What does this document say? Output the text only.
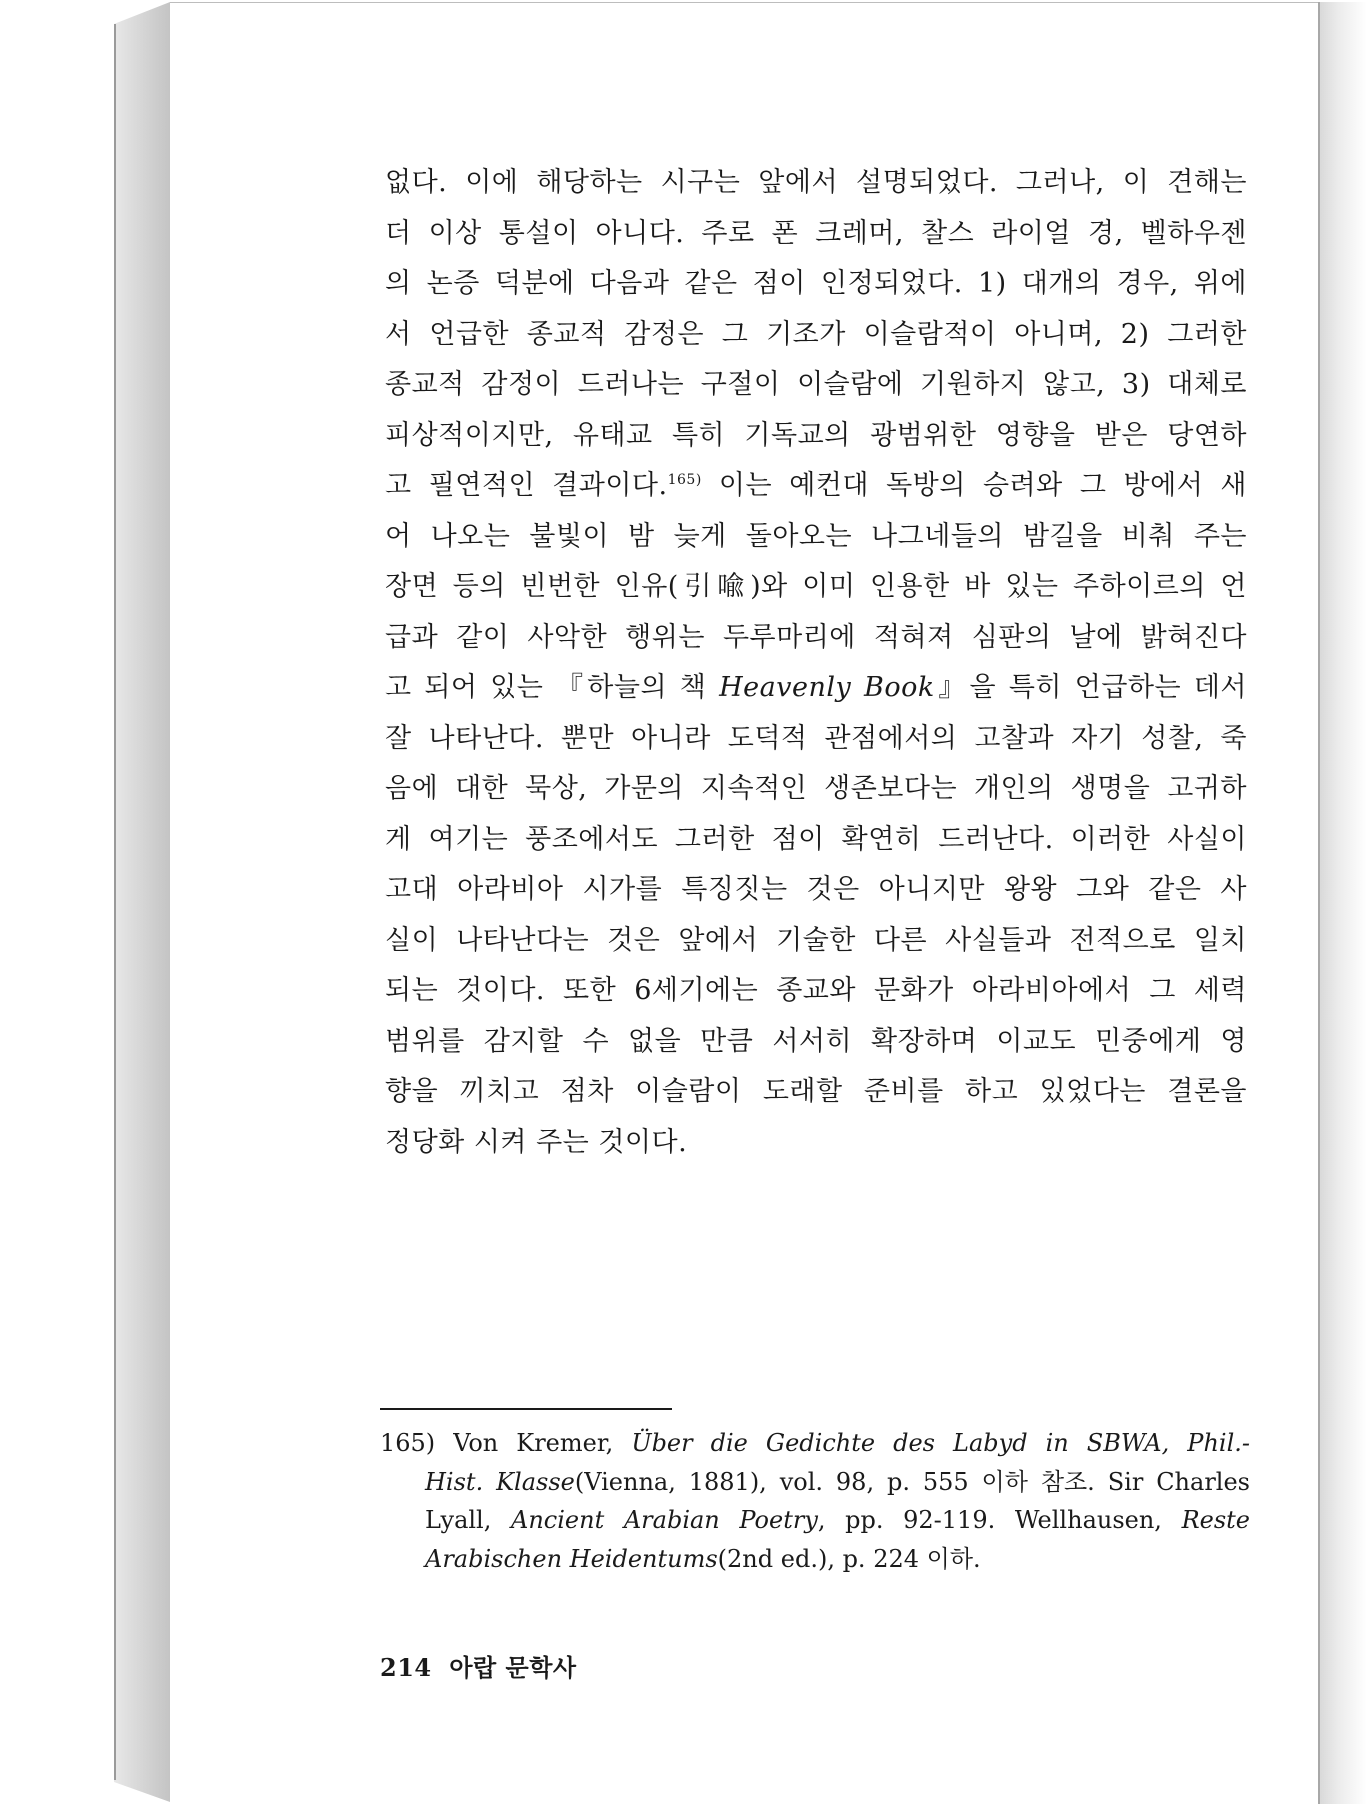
없다. 이에 해당하는 시구는 앞에서 설명되었다. 그러나, 이 견해는
더 이상 통설이 아니다. 주로 폰 크레머, 찰스 라이얼 경, 벨하우젠
의 논증 덕분에 다음과 같은 점이 인정되었다. 1) 대개의 경우, 위에
서 언급한 종교적 감정은 그 기조가 이슬람적이 아니며, 2) 그러한
종교적 감정이 드러나는 구절이 이슬람에 기원하지 않고, 3) 대체로
피상적이지만, 유태교 특히 기독교의 광범위한 영향을 받은 당연하
고 필연적인 결과이다.$^{165)}$ 이는 예컨대 독방의 승려와 그 방에서 새
어 나오는 불빛이 밤 늦게 돌아오는 나그네들의 밤길을 비춰 주는
장면 등의 빈번한 인유(引喩)와 이미 인용한 바 있는 주하이르의 언
급과 같이 사악한 행위는 두루마리에 적혀져 심판의 날에 밝혀진다
고 되어 있는 『하늘의 책 Heavenly Book』을 특히 언급하는 데서
잘 나타난다. 뿐만 아니라 도덕적 관점에서의 고찰과 자기 성찰, 죽
음에 대한 묵상, 가문의 지속적인 생존보다는 개인의 생명을 고귀하
게 여기는 풍조에서도 그러한 점이 확연히 드러난다. 이러한 사실이
고대 아라비아 시가를 특징짓는 것은 아니지만 왕왕 그와 같은 사
실이 나타난다는 것은 앞에서 기술한 다른 사실들과 전적으로 일치
되는 것이다. 또한 6세기에는 종교와 문화가 아라비아에서 그 세력
범위를 감지할 수 없을 만큼 서서히 확장하며 이교도 민중에게 영
향을 끼치고 점차 이슬람이 도래할 준비를 하고 있었다는 결론을
정당화 시켜 주는 것이다.
165) Von Kremer, Über die Gedichte des Labyd in SBWA, Phil.-
Hist. Klasse(Vienna, 1881), vol. 98, p. 555 이하 참조. Sir Charles
Lyall, Ancient Arabian Poetry, pp. 92-119. Wellhausen, Reste
Arabischen Heidentums(2nd ed.), p. 224 이하.
214 아랍 문학사
